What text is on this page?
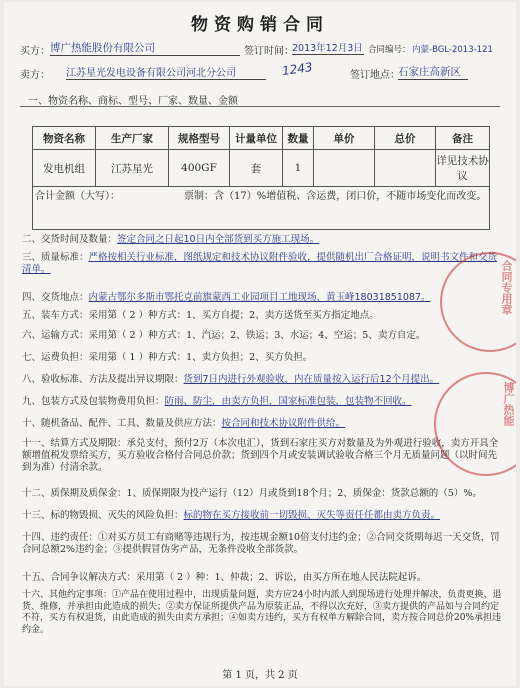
物资购销合同
买方： 博广热能股份有限公司	签订时间：
2013年12月3日 合同编号： 内蒙-BGL-2013-121
卖方： 江苏星光发电设备有限公司河北分公司	1243	签订地点：
石家庄高新区
一、物资名称、商标、型号、厂家、数量、金额
物资名称	生产厂家	规格型号	计量单位	数量	单价	总价	备注
发电机组	江苏星光	400GF	套	1			详见技术协议
合计金额（大写）： 票制：含（17）%增值税、含运费，闭口价，不随市场变化而改变。							
二、交货时间及数量：签定合同之日起10日内全部货到买方施工现场。
三、质量标准：严格按相关行业标准，图纸规定和技术协议附件验收，提供随机出厂合格证明，说明书文件和交货清单。
四、交货地点：内蒙古鄂尔多斯市鄂托克前旗蒙西工业园项目工地现场，黄玉峰18031851087。
五、装车方式：采用第（ 2 ）种方式：1、买方自提；2、卖方送货至买方指定地点。
六、运输方式：采用第（ 2 ）种方式：1、汽运；2、铁运；3、水运；4、空运；5、卖方自定。
七、运费负担：采用第（ 1 ）种方式：1、卖方负担；2、买方负担。
八、验收标准、方法及提出异议期限：货到7日内进行外观验收，内在质量按入运行后12个月提出。
九、包装方式及包装物费用负担：防雨、防尘，由卖方负担，国家标准包装，包装物不回收。
十、随机备品、配件、工具、数量及供应方法：按合同和技术协议附件供给。
十一、结算方式及期限：承兑支付，预付2万（本次电汇），货到石家庄买方对数量及为外观进行验收，卖方开具全额增值税发票给买方，买方验收合格付合同总价款；货到四个月或安装调试验收合格三个月无质量问题（以时间先到为准）付清余款。
十二、质保期及质保金：1、质保期限为投产运行（12）月或货到18个月；2、质保金：货款总额的（5）%。
十三、标的物毁损、灭失的风险负担：标的物在买方接收前一切毁损、灭失等责任任都由卖方负责。
十四、违约责任：①对买方员工有商赌等违规行为，按违规金额10倍支付违约金；②合同交货期每迟一天交货，罚合同总额2%违约金；③提供假冒伪劣产品，无条件没收全部货款。
十五、合同争议解决方式：采用第（ 2 ）种：1、仲裁；2、诉讼，由买方所在地人民法院起诉。
十六、其他约定事项：①产品在使用过程中，出现质量问题，卖方应24小时内派人到现场进行处理并解决，负责更换、退货、维修，并承担由此造成的损失；②卖方保证所提供产品为原装正品，不得以次充好，③卖方提供的产品如与合同约定不符，买方有权退货，由此造成的损失由卖方承担；④如卖方违约，买方有权单方解除合同，卖方按合同总价20%承担违约金。
合同专用章
博广热能
第 1 页，共 2 页
